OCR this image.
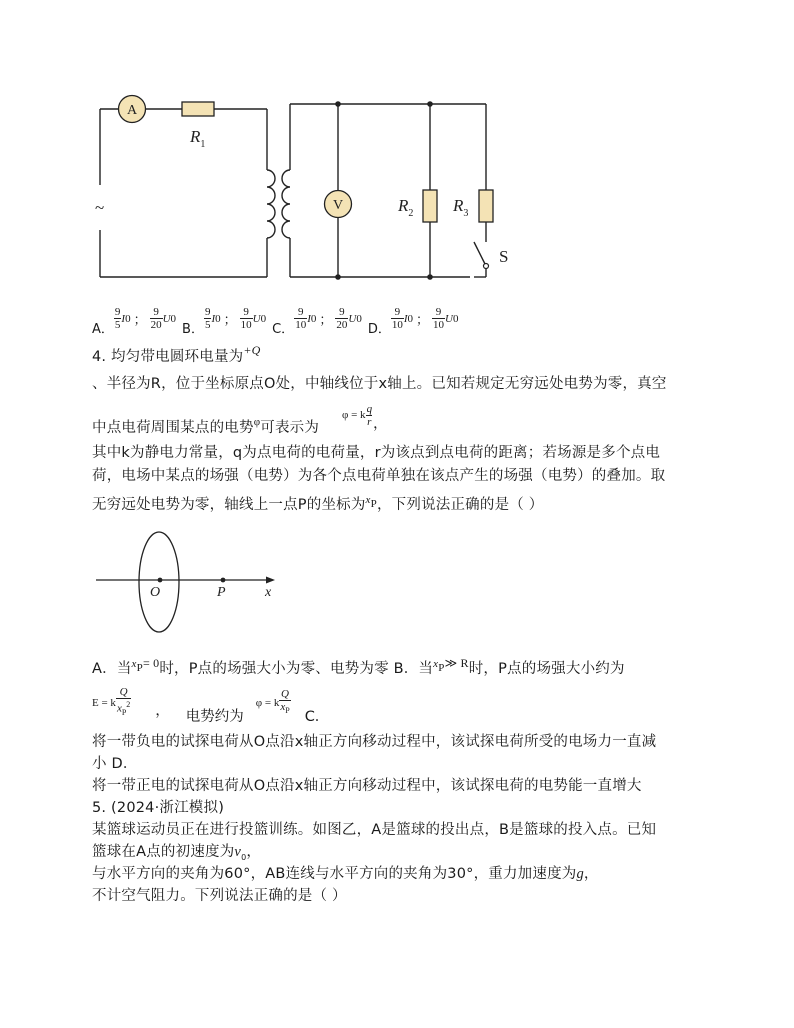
A
V
~
$R_1$
$R_2$ $R_3$
S
A． $\frac{9}{5}$ I 0 ； $\frac{9}{20}$ U 0
B． $\frac{9}{5}$ I 0 ； $\frac{9}{10}$ U 0
C． $\frac{9}{10}$ I 0 ； $\frac{9}{20}$ U 0
D． $\frac{9}{10}$ I 0 ； $\frac{9}{10}$ U 0
4. 均匀带电圆环电量为$^{+Q}$
、半径为R，位于坐标原点O处，中轴线位于x轴上。已知若规定无穷远处电势为零，真空
中点电荷周围某点的电势$^\varphi$可表示为
φ = k $\frac{q}{r}$ ，
其中k为静电力常量，q为点电荷的电荷量，r为该点到点电荷的距离；若场源是多个点电
荷，电场中某点的场强（电势）为各个点电荷单独在该点产生的场强（电势）的叠加。取
无穷远处电势为零，轴线上一点P的坐标为$^x_P$，下列说法正确的是（ ）
O	P	x
A．当$^x_P^{= 0}$时，P点的场强大小为零、电势为零 B．当$^x_P^{≫ R}$时，P点的场强大小约为
E = k $\frac{Q}{x_P^2}$ ， 电势约为
φ = k $\frac{Q}{x_P}$ C．
将一带负电的试探电荷从O点沿x轴正方向移动过程中，该试探电荷所受的电场力一直减
小 D．
将一带正电的试探电荷从O点沿x轴正方向移动过程中，该试探电荷的电势能一直增大
5. (2024·浙江模拟)
某篮球运动员正在进行投篮训练。如图乙，A是篮球的投出点，B是篮球的投入点。已知
篮球在A点的初速度为$v_0$，
与水平方向的夹角为60°，AB连线与水平方向的夹角为30°，重力加速度为g，
不计空气阻力。下列说法正确的是（ ）
